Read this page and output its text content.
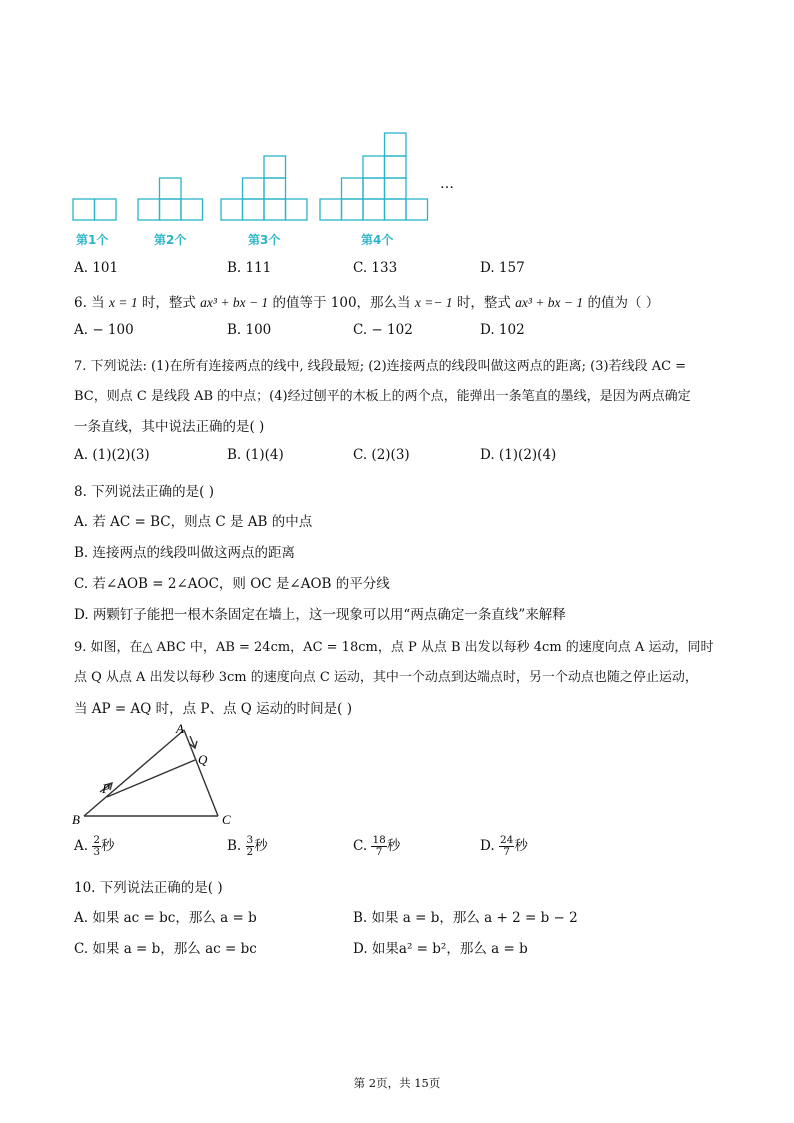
…
第1个	第2个	第3个	第4个
A. 101	B. 111	C. 133	D. 157
6. 当 x = 1 时，整式 ax³ + bx − 1 的值等于 100，那么当 x =− 1 时，整式 ax³ + bx − 1 的值为（ ）
A. − 100	B. 100	C. − 102	D. 102
7. 下列说法: (1)在所有连接两点的线中, 线段最短; (2)连接两点的线段叫做这两点的距离; (3)若线段 AC =
BC，则点 C 是线段 AB 的中点；(4)经过刨平的木板上的两个点，能弹出一条笔直的墨线，是因为两点确定
一条直线，其中说法正确的是( )
A. (1)(2)(3)	B. (1)(4)	C. (2)(3)	D. (1)(2)(4)
8. 下列说法正确的是( )
A. 若 AC = BC，则点 C 是 AB 的中点
B. 连接两点的线段叫做这两点的距离
C. 若∠AOB = 2∠AOC，则 OC 是∠AOB 的平分线
D. 两颗钉子能把一根木条固定在墙上，这一现象可以用“两点确定一条直线”来解释
9. 如图，在△ ABC 中，AB = 24cm，AC = 18cm，点 P 从点 B 出发以每秒 4cm 的速度向点 A 运动，同时
点 Q 从点 A 出发以每秒 3cm 的速度向点 C 运动，其中一个动点到达端点时，另一个动点也随之停止运动，
当 AP = AQ 时，点 P、点 Q 运动的时间是( )
A
Q
P
B	C
A. $\frac{2}{3}$ 秒	B. $\frac{3}{2}$ 秒	C. $\frac{18}{7}$ 秒	D. $\frac{24}{7}$ 秒
10. 下列说法正确的是( )
A. 如果 ac = bc，那么 a = b	B. 如果 a = b，那么 a + 2 = b − 2
C. 如果 a = b，那么 ac = bc	D. 如果a² = b²，那么 a = b
第 2页，共 15页
